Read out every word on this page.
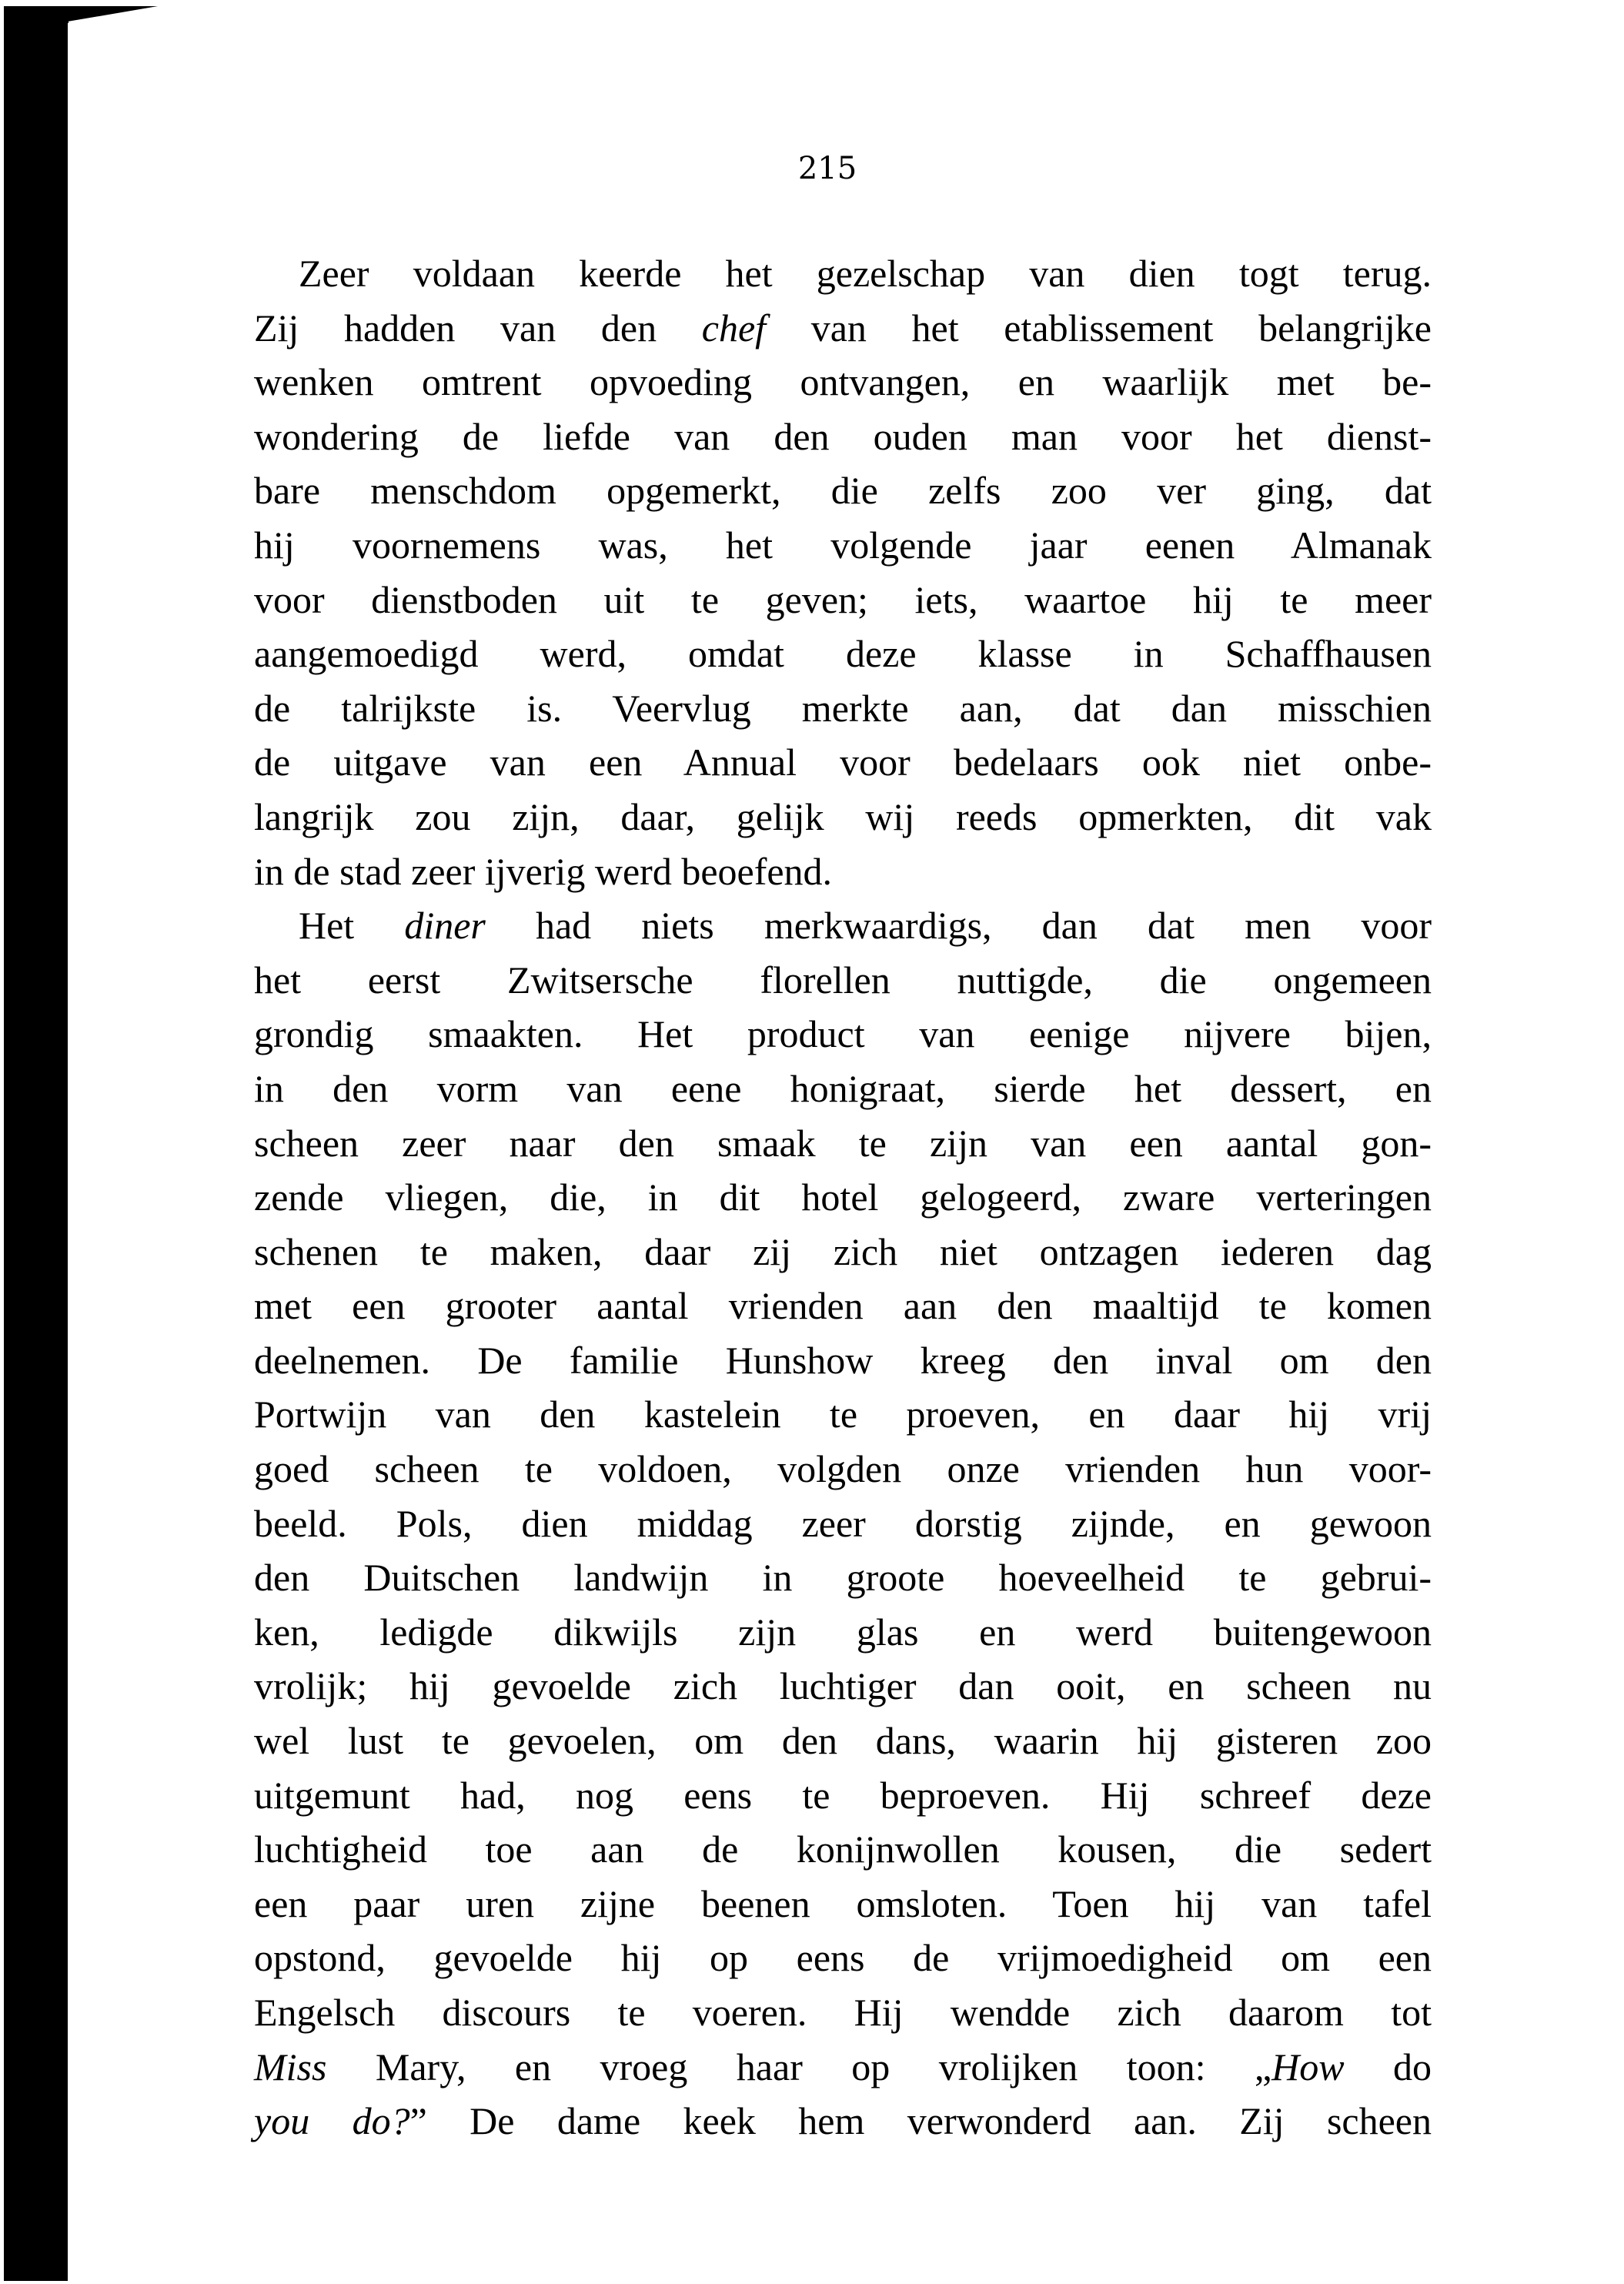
215
Zeer voldaan keerde het gezelschap van dien togt terug.
Zij hadden van den chef van het etablissement belangrijke
wenken omtrent opvoeding ontvangen, en waarlijk met be-
wondering de liefde van den ouden man voor het dienst-
bare menschdom opgemerkt, die zelfs zoo ver ging, dat
hij voornemens was, het volgende jaar eenen Almanak
voor dienstboden uit te geven; iets, waartoe hij te meer
aangemoedigd werd, omdat deze klasse in Schaffhausen
de talrijkste is. Veervlug merkte aan, dat dan misschien
de uitgave van een Annual voor bedelaars ook niet onbe-
langrijk zou zijn, daar, gelijk wij reeds opmerkten, dit vak
in de stad zeer ijverig werd beoefend.
Het diner had niets merkwaardigs, dan dat men voor
het eerst Zwitsersche florellen nuttigde, die ongemeen
grondig smaakten. Het product van eenige nijvere bijen,
in den vorm van eene honigraat, sierde het dessert, en
scheen zeer naar den smaak te zijn van een aantal gon-
zende vliegen, die, in dit hotel gelogeerd, zware verteringen
schenen te maken, daar zij zich niet ontzagen iederen dag
met een grooter aantal vrienden aan den maaltijd te komen
deelnemen. De familie Hunshow kreeg den inval om den
Portwijn van den kastelein te proeven, en daar hij vrij
goed scheen te voldoen, volgden onze vrienden hun voor-
beeld. Pols, dien middag zeer dorstig zijnde, en gewoon
den Duitschen landwijn in groote hoeveelheid te gebrui-
ken, ledigde dikwijls zijn glas en werd buitengewoon
vrolijk; hij gevoelde zich luchtiger dan ooit, en scheen nu
wel lust te gevoelen, om den dans, waarin hij gisteren zoo
uitgemunt had, nog eens te beproeven. Hij schreef deze
luchtigheid toe aan de konijnwollen kousen, die sedert
een paar uren zijne beenen omsloten. Toen hij van tafel
opstond, gevoelde hij op eens de vrijmoedigheid om een
Engelsch discours te voeren. Hij wendde zich daarom tot
Miss Mary, en vroeg haar op vrolijken toon: „How do
you do?” De dame keek hem verwonderd aan. Zij scheen
